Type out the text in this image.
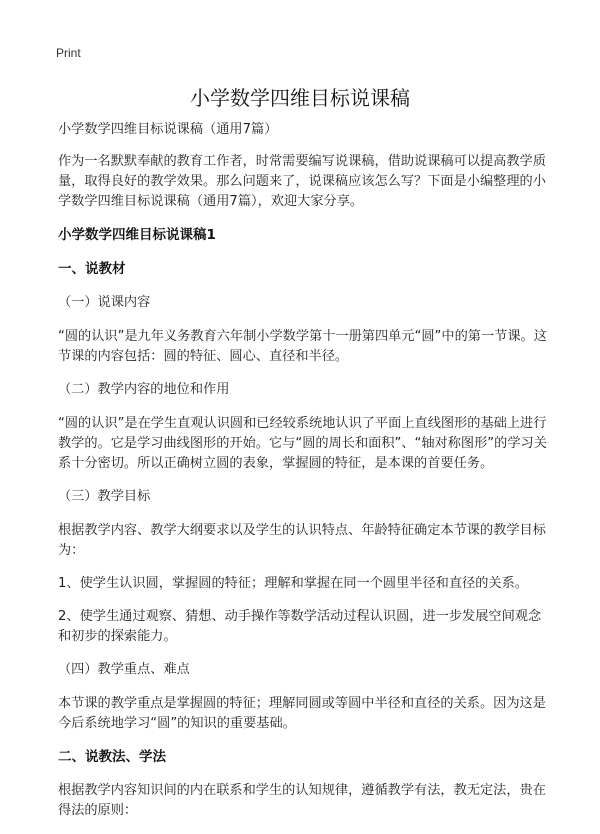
Print
小学数学四维目标说课稿

小学数学四维目标说课稿（通用7篇）

作为一名默默奉献的教育工作者，时常需要编写说课稿，借助说课稿可以提高教学质量，取得良好的教学效果。那么问题来了，说课稿应该怎么写？下面是小编整理的小学数学四维目标说课稿（通用7篇），欢迎大家分享。

小学数学四维目标说课稿1
一、说教材
（一）说课内容

“圆的认识”是九年义务教育六年制小学数学第十一册第四单元“圆”中的第一节课。这节课的内容包括：圆的特征、圆心、直径和半径。

（二）教学内容的地位和作用

“圆的认识”是在学生直观认识圆和已经较系统地认识了平面上直线图形的基础上进行教学的。它是学习曲线图形的开始。它与“圆的周长和面积”、“轴对称图形”的学习关系十分密切。所以正确树立圆的表象，掌握圆的特征，是本课的首要任务。

（三）教学目标

根据教学内容、教学大纲要求以及学生的认识特点、年龄特征确定本节课的教学目标为：

1、使学生认识圆，掌握圆的特征；理解和掌握在同一个圆里半径和直径的关系。

2、使学生通过观察、猜想、动手操作等数学活动过程认识圆，进一步发展空间观念和初步的探索能力。

（四）教学重点、难点

本节课的教学重点是掌握圆的特征；理解同圆或等圆中半径和直径的关系。因为这是今后系统地学习“圆”的知识的重要基础。

二、说教法、学法

根据教学内容知识间的内在联系和学生的认知规律，遵循教学有法，教无定法，贵在得法的原则：
